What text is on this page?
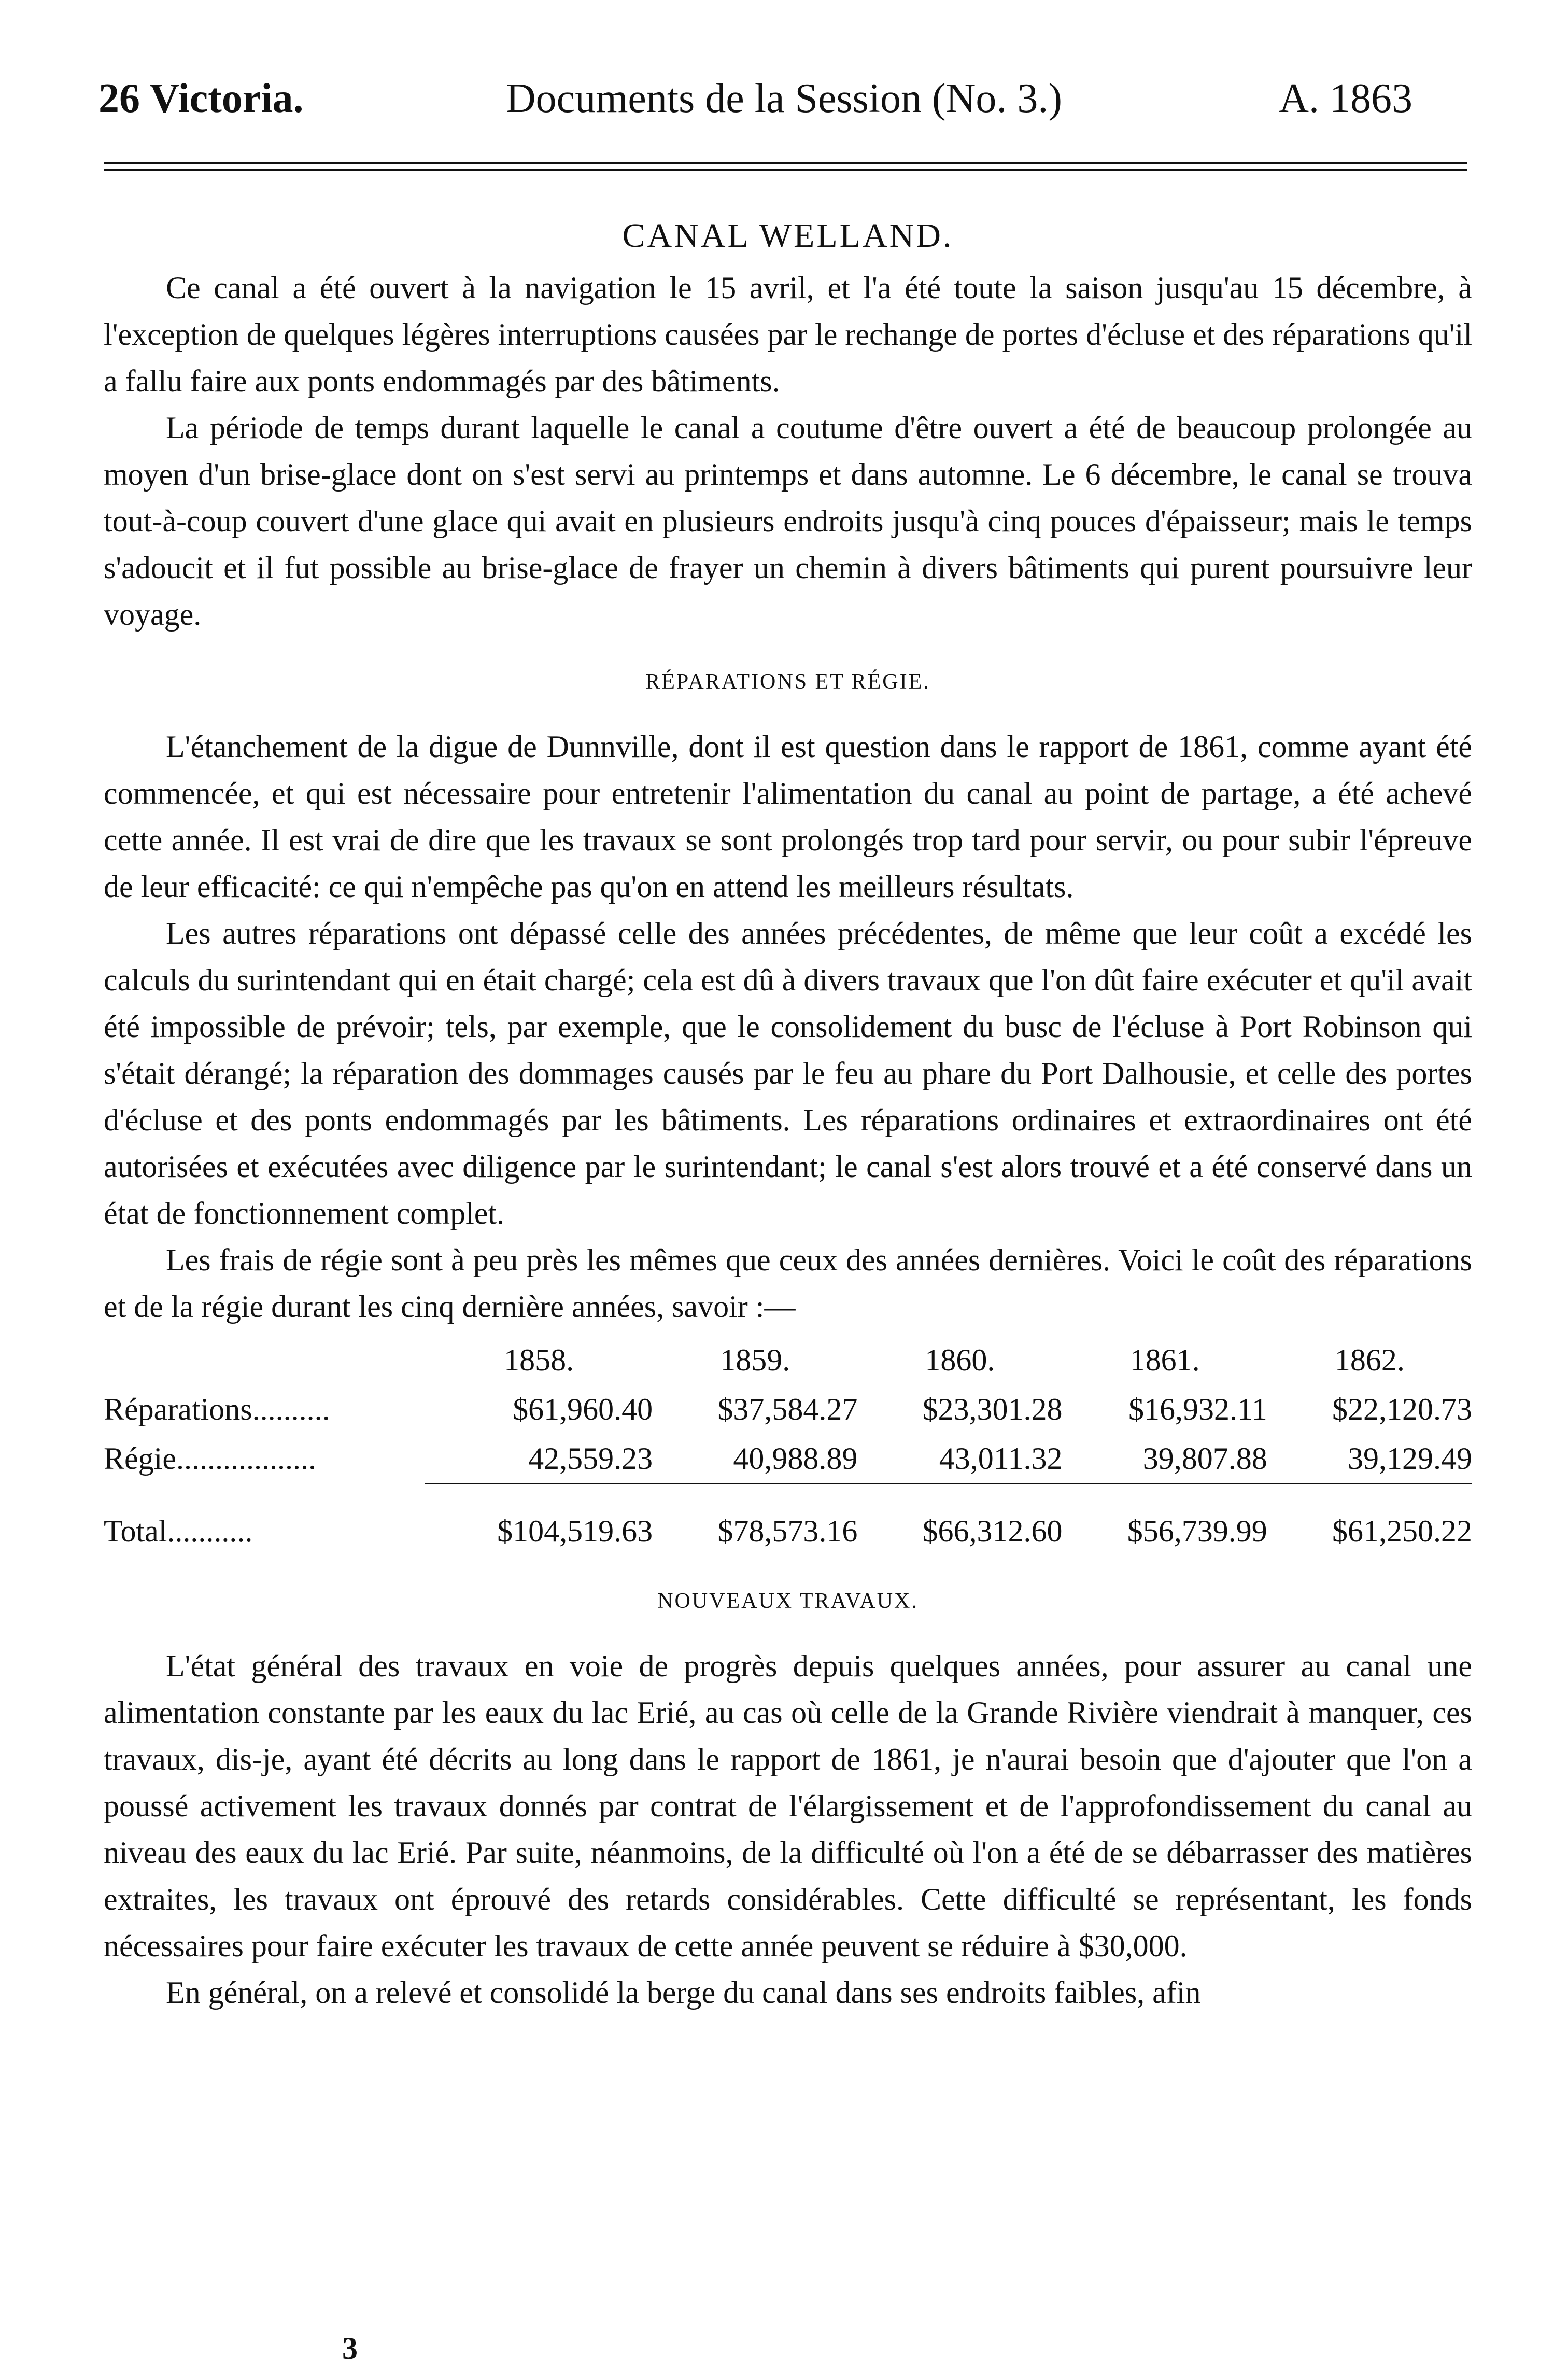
26 Victoria.	Documents de la Session (No. 3.)	A. 1863
CANAL WELLAND.

Ce canal a été ouvert à la navigation le 15 avril, et l'a été toute la saison jusqu'au 15 décembre, à l'exception de quelques légères interruptions causées par le rechange de portes d'écluse et des réparations qu'il a fallu faire aux ponts endommagés par des bâtiments.

La période de temps durant laquelle le canal a coutume d'être ouvert a été de beaucoup prolongée au moyen d'un brise-glace dont on s'est servi au printemps et dans automne. Le 6 décembre, le canal se trouva tout-à-coup couvert d'une glace qui avait en plusieurs endroits jusqu'à cinq pouces d'épaisseur; mais le temps s'adoucit et il fut possible au brise-glace de frayer un chemin à divers bâtiments qui purent poursuivre leur voyage.

RÉPARATIONS ET RÉGIE.

L'étanchement de la digue de Dunnville, dont il est question dans le rapport de 1861, comme ayant été commencée, et qui est nécessaire pour entretenir l'alimentation du canal au point de partage, a été achevé cette année. Il est vrai de dire que les travaux se sont prolongés trop tard pour servir, ou pour subir l'épreuve de leur efficacité: ce qui n'empêche pas qu'on en attend les meilleurs résultats.

Les autres réparations ont dépassé celle des années précédentes, de même que leur coût a excédé les calculs du surintendant qui en était chargé; cela est dû à divers travaux que l'on dût faire exécuter et qu'il avait été impossible de prévoir; tels, par exemple, que le consolidement du busc de l'écluse à Port Robinson qui s'était dérangé; la réparation des dommages causés par le feu au phare du Port Dalhousie, et celle des portes d'écluse et des ponts endommagés par les bâtiments. Les réparations ordinaires et extraordinaires ont été autorisées et exécutées avec diligence par le surintendant; le canal s'est alors trouvé et a été conservé dans un état de fonctionnement complet.

Les frais de régie sont à peu près les mêmes que ceux des années dernières. Voici le coût des réparations et de la régie durant les cinq dernière années, savoir :—

	1858.	1859.	1860.	1861.	1862.
Réparations..........	$61,960.40	$37,584.27	$23,301.28	$16,932.11	$22,120.73
Régie..................	42,559.23	40,988.89	43,011.32	39,807.88	39,129.49

Total...........	$104,519.63	$78,573.16	$66,312.60	$56,739.99	$61,250.22
NOUVEAUX TRAVAUX.

L'état général des travaux en voie de progrès depuis quelques années, pour assurer au canal une alimentation constante par les eaux du lac Erié, au cas où celle de la Grande Rivière viendrait à manquer, ces travaux, dis-je, ayant été décrits au long dans le rapport de 1861, je n'aurai besoin que d'ajouter que l'on a poussé activement les travaux donnés par contrat de l'élargissement et de l'approfondissement du canal au niveau des eaux du lac Erié. Par suite, néanmoins, de la difficulté où l'on a été de se débarrasser des matières extraites, les travaux ont éprouvé des retards considérables. Cette difficulté se représentant, les fonds nécessaires pour faire exécuter les travaux de cette année peuvent se réduire à $30,000.

En général, on a relevé et consolidé la berge du canal dans ses endroits faibles, afin

3
